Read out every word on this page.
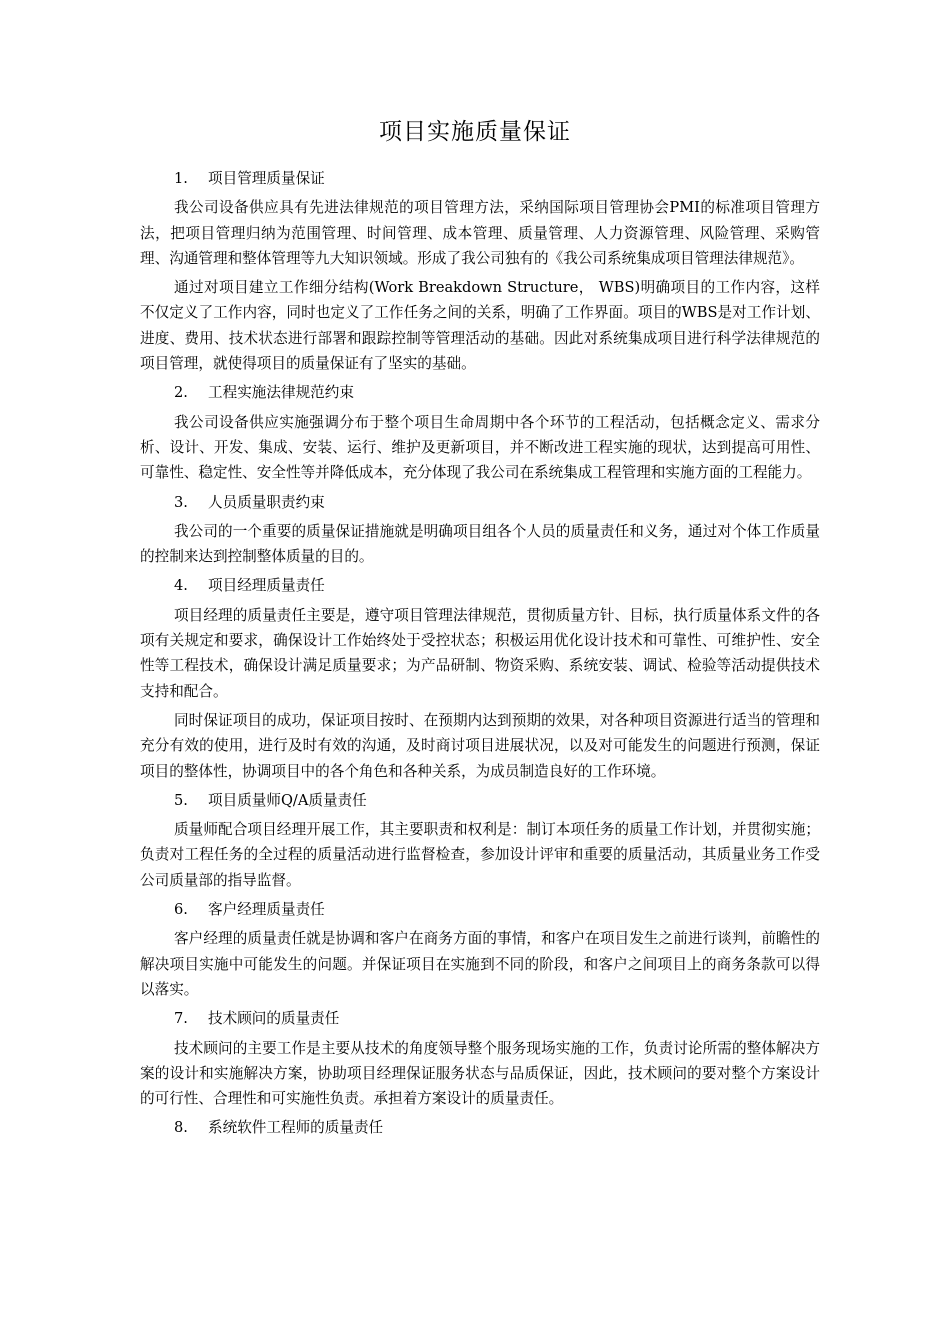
项目实施质量保证
1. 项目管理质量保证

我公司设备供应具有先进法律规范的项目管理方法，采纳国际项目管理协会PMI的标准项目管理方法，把项目管理归纳为范围管理、时间管理、成本管理、质量管理、人力资源管理、风险管理、采购管理、沟通管理和整体管理等九大知识领域。形成了我公司独有的《我公司系统集成项目管理法律规范》。

通过对项目建立工作细分结构(Work Breakdown Structure， WBS)明确项目的工作内容，这样不仅定义了工作内容，同时也定义了工作任务之间的关系，明确了工作界面。项目的WBS是对工作计划、进度、费用、技术状态进行部署和跟踪控制等管理活动的基础。因此对系统集成项目进行科学法律规范的项目管理，就使得项目的质量保证有了坚实的基础。

2. 工程实施法律规范约束

我公司设备供应实施强调分布于整个项目生命周期中各个环节的工程活动，包括概念定义、需求分析、设计、开发、集成、安装、运行、维护及更新项目，并不断改进工程实施的现状，达到提高可用性、可靠性、稳定性、安全性等并降低成本，充分体现了我公司在系统集成工程管理和实施方面的工程能力。

3. 人员质量职责约束

我公司的一个重要的质量保证措施就是明确项目组各个人员的质量责任和义务，通过对个体工作质量的控制来达到控制整体质量的目的。

4. 项目经理质量责任

项目经理的质量责任主要是，遵守项目管理法律规范，贯彻质量方针、目标，执行质量体系文件的各项有关规定和要求，确保设计工作始终处于受控状态；积极运用优化设计技术和可靠性、可维护性、安全性等工程技术，确保设计满足质量要求；为产品研制、物资采购、系统安装、调试、检验等活动提供技术支持和配合。

同时保证项目的成功，保证项目按时、在预期内达到预期的效果，对各种项目资源进行适当的管理和充分有效的使用，进行及时有效的沟通，及时商讨项目进展状况，以及对可能发生的问题进行预测，保证项目的整体性，协调项目中的各个角色和各种关系，为成员制造良好的工作环境。

5. 项目质量师Q/A质量责任

质量师配合项目经理开展工作，其主要职责和权利是：制订本项任务的质量工作计划，并贯彻实施；负责对工程任务的全过程的质量活动进行监督检查，参加设计评审和重要的质量活动，其质量业务工作受公司质量部的指导监督。

6. 客户经理质量责任

客户经理的质量责任就是协调和客户在商务方面的事情，和客户在项目发生之前进行谈判，前瞻性的解决项目实施中可能发生的问题。并保证项目在实施到不同的阶段，和客户之间项目上的商务条款可以得以落实。

7. 技术顾问的质量责任

技术顾问的主要工作是主要从技术的角度领导整个服务现场实施的工作，负责讨论所需的整体解决方案的设计和实施解决方案，协助项目经理保证服务状态与品质保证，因此，技术顾问的要对整个方案设计的可行性、合理性和可实施性负责。承担着方案设计的质量责任。

8. 系统软件工程师的质量责任
